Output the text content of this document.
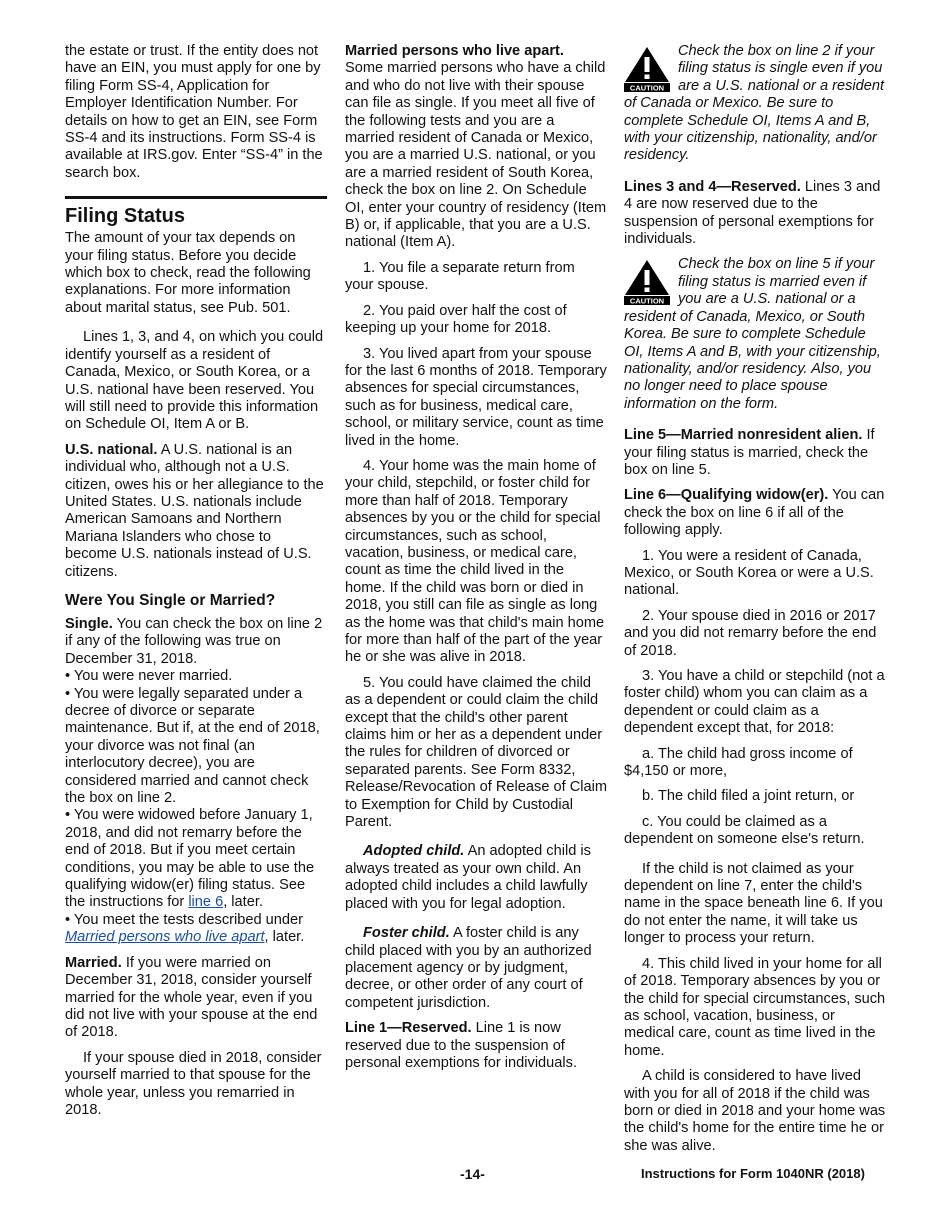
the estate or trust. If the entity does not have an EIN, you must apply for one by filing Form SS-4, Application for Employer Identification Number. For details on how to get an EIN, see Form SS-4 and its instructions. Form SS-4 is available at IRS.gov. Enter “SS-4” in the search box.

Filing Status

The amount of your tax depends on your filing status. Before you decide which box to check, read the following explanations. For more information about marital status, see Pub. 501.

Lines 1, 3, and 4, on which you could identify yourself as a resident of Canada, Mexico, or South Korea, or a U.S. national have been reserved. You will still need to provide this information on Schedule OI, Item A or B.

U.S. national. A U.S. national is an individual who, although not a U.S. citizen, owes his or her allegiance to the United States. U.S. nationals include American Samoans and Northern Mariana Islanders who chose to become U.S. nationals instead of U.S. citizens.

Were You Single or Married?

Single. You can check the box on line 2 if any of the following was true on December 31, 2018.

• You were never married.
• You were legally separated under a decree of divorce or separate maintenance. But if, at the end of 2018, your divorce was not final (an interlocutory decree), you are considered married and cannot check the box on line 2.
• You were widowed before January 1, 2018, and did not remarry before the end of 2018. But if you meet certain conditions, you may be able to use the qualifying widow(er) filing status. See the instructions for line 6, later.
• You meet the tests described under Married persons who live apart, later.

Married. If you were married on December 31, 2018, consider yourself married for the whole year, even if you did not live with your spouse at the end of 2018.

If your spouse died in 2018, consider yourself married to that spouse for the whole year, unless you remarried in 2018.

Married persons who live apart.
Some married persons who have a child and who do not live with their spouse can file as single. If you meet all five of the following tests and you are a married resident of Canada or Mexico, you are a married U.S. national, or you are a married resident of South Korea, check the box on line 2. On Schedule OI, enter your country of residency (Item B) or, if applicable, that you are a U.S. national (Item A).

1. You file a separate return from your spouse.

2. You paid over half the cost of keeping up your home for 2018.

3. You lived apart from your spouse for the last 6 months of 2018. Temporary absences for special circumstances, such as for business, medical care, school, or military service, count as time lived in the home.

4. Your home was the main home of your child, stepchild, or foster child for more than half of 2018. Temporary absences by you or the child for special circumstances, such as school, vacation, business, or medical care, count as time the child lived in the home. If the child was born or died in 2018, you still can file as single as long as the home was that child's main home for more than half of the part of the year he or she was alive in 2018.

5. You could have claimed the child as a dependent or could claim the child except that the child's other parent claims him or her as a dependent under the rules for children of divorced or separated parents. See Form 8332, Release/Revocation of Release of Claim to Exemption for Child by Custodial Parent.

Adopted child. An adopted child is always treated as your own child. An adopted child includes a child lawfully placed with you for legal adoption.

Foster child. A foster child is any child placed with you by an authorized placement agency or by judgment, decree, or other order of any court of competent jurisdiction.

Line 1—Reserved. Line 1 is now reserved due to the suspension of personal exemptions for individuals.

CAUTION
Check the box on line 2 if your filing status is single even if you are a U.S. national or a resident of Canada or Mexico. Be sure to complete Schedule OI, Items A and B, with your citizenship, nationality, and/or residency.

Lines 3 and 4—Reserved. Lines 3 and 4 are now reserved due to the suspension of personal exemptions for individuals.

CAUTION
Check the box on line 5 if your filing status is married even if you are a U.S. national or a resident of Canada, Mexico, or South Korea. Be sure to complete Schedule OI, Items A and B, with your citizenship, nationality, and/or residency. Also, you no longer need to place spouse information on the form.

Line 5—Married nonresident alien. If your filing status is married, check the box on line 5.

Line 6—Qualifying widow(er). You can check the box on line 6 if all of the following apply.

1. You were a resident of Canada, Mexico, or South Korea or were a U.S. national.

2. Your spouse died in 2016 or 2017 and you did not remarry before the end of 2018.

3. You have a child or stepchild (not a foster child) whom you can claim as a dependent or could claim as a dependent except that, for 2018:

a. The child had gross income of $4,150 or more,

b. The child filed a joint return, or

c. You could be claimed as a dependent on someone else's return.

If the child is not claimed as your dependent on line 7, enter the child's name in the space beneath line 6. If you do not enter the name, it will take us longer to process your return.

4. This child lived in your home for all of 2018. Temporary absences by you or the child for special circumstances, such as school, vacation, business, or medical care, count as time lived in the home.

A child is considered to have lived with you for all of 2018 if the child was born or died in 2018 and your home was the child's home for the entire time he or she was alive.

-14-	Instructions for Form 1040NR (2018)
